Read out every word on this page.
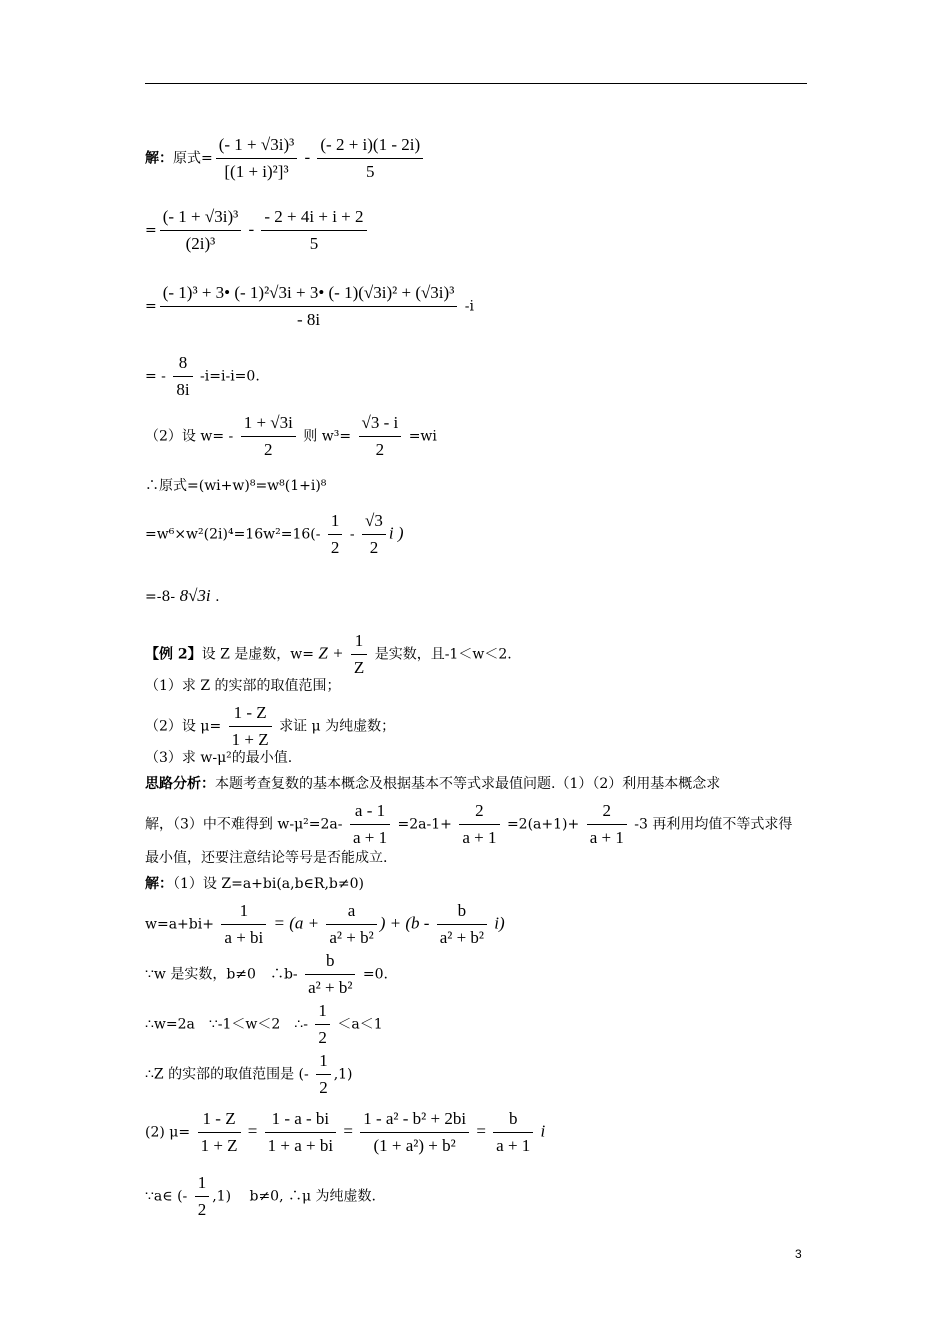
解：原式= $\frac{\text{(- 1 + √3i)³}}{\text{[(1 + i)²]³}} - \frac{(- 2 + i)(1 - 2i)}{5}$
= $\frac{\text{(- 1 + √3i)³}}{\text{(2i)³}} - \frac{- 2 + 4i + i + 2}{5}$
= $\frac{\text{(- 1)³ + 3• (- 1)²√3i + 3• (- 1)(√3i)² + (√3i)³}}{- 8i} -i$
= - $\frac{8}{8i} -i=i-i=0$.
（2）设 $w= - \frac{1 + √3i}{2}$ 则 $w^3= \frac{√3 - i}{2} =wi$
∴原式=(wi+w)⁸=w⁸(1+i)⁸
$=w^6\times w^2(2i)^4=16w^2=16(- \frac{1}{2} - \frac{√3}{2}$ i )
=-8- 8√3i .
【例 2】设 Z 是虚数，$w= Z + \frac{1}{Z}$ 是实数，且-1＜w＜2.
（1）求 Z 的实部的取值范围；
（2）设 $\mu= \frac{1 - Z}{1 + Z}$ 求证 μ 为纯虚数；
（3）求 w-μ²的最小值.
思路分析：本题考查复数的基本概念及根据基本不等式求最值问题.（1）（2）利用基本概念求
解，（3）中不难得到 $w-\mu^2=2a- \frac{a - 1}{a + 1} =2a-1+ \frac{2}{a + 1} =2(a+1)+ \frac{2}{a + 1} -3$ 再利用均值不等式求得
最小值，还要注意结论等号是否能成立.
解：（1）设 Z=a+bi(a,b∈R,b≠0)
$w=a+bi+ \frac{1}{a + bi} = (a + \frac{a}{\text{a² + b²}}$ ) + $(b - \frac{b}{\text{a² + b²}} i)$
∵w 是实数，b≠0　∴b- $\frac{b}{\text{a² + b²}} =0$.
∴w=2a　∵-1＜w＜2　∴- $\frac{1}{2} <a<1$
∴Z 的实部的取值范围是 (- $\frac{1}{2} ,1$)
(2) $\mu= \frac{1 - Z}{1 + Z} = \frac{1 - a - bi}{1 + a + bi} = \frac{\text{1 - a² - b² + 2bi}}{\text{(1 + a²) + b²}} = \frac{b}{a + 1}$ i
∵a∈ (- $\frac{1}{2} ,1$)　 b≠0, ∴μ 为纯虚数.
3
